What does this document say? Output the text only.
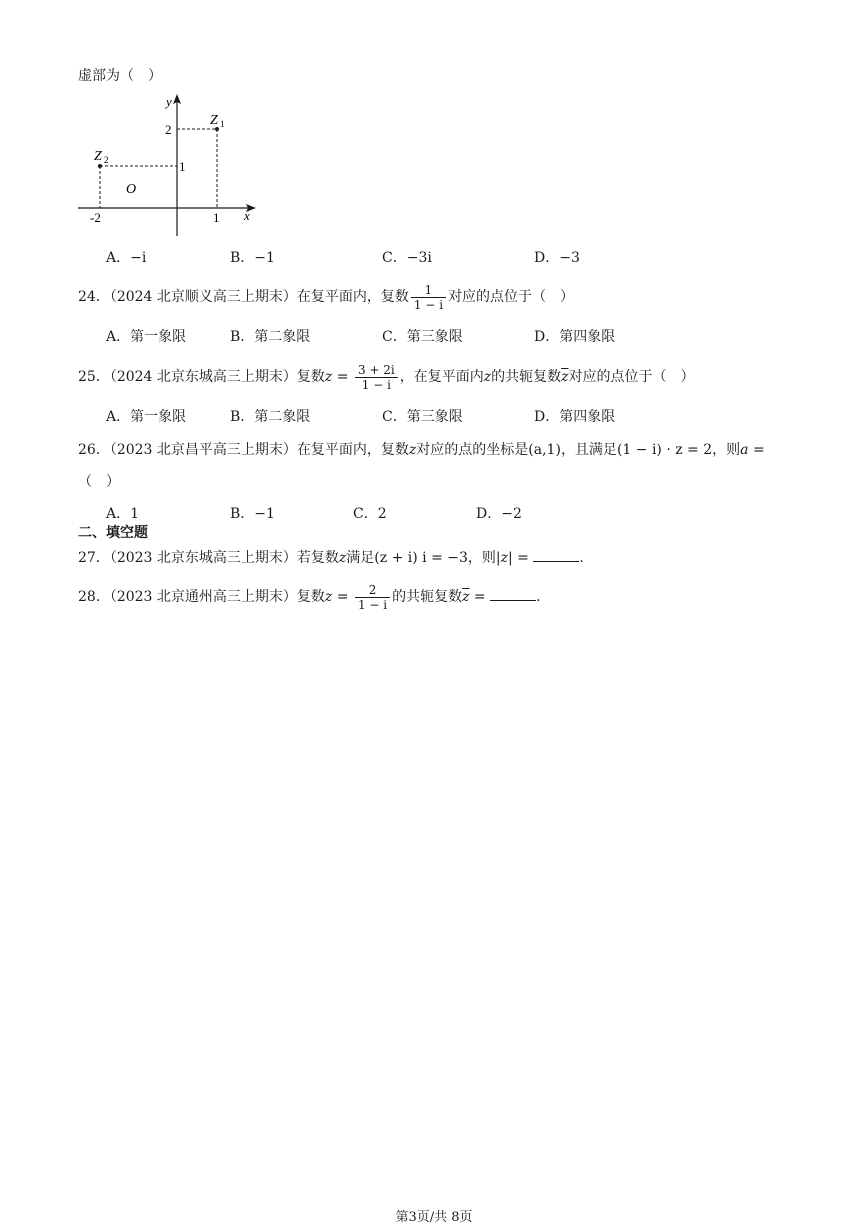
虚部为（　）
y
x
O
Z 1
Z 2
2
1
-2	1
A．−i	B．−1	C．−3i	D．−3
24．（2024 北京顺义高三上期末）在复平面内，复数 $\frac{1}{1 - i}$ 对应的点位于（　）
A．第一象限	B．第二象限	C．第三象限	D．第四象限
25．（2024 北京东城高三上期末）复数$z = \frac{3 + 2i}{1 - i}$ ，在复平面内z的共轭复数$\overline{z}$对应的点位于（　）
A．第一象限	B．第二象限	C．第三象限	D．第四象限
26．（2023 北京昌平高三上期末）在复平面内，复数z对应的点的坐标是(a,1)，且满足(1 − i) · z = 2，则a =
（　）
A．1	B．−1	C．2	D．−2
二、填空题
27．（2023 北京东城高三上期末）若复数z满足(z + i) i = −3，则|z| =	.
28．（2023 北京通州高三上期末）复数$z = \frac{2}{1 - i}$ 的共轭复数$\overline{z}$ =	.
第3页/共 8页
